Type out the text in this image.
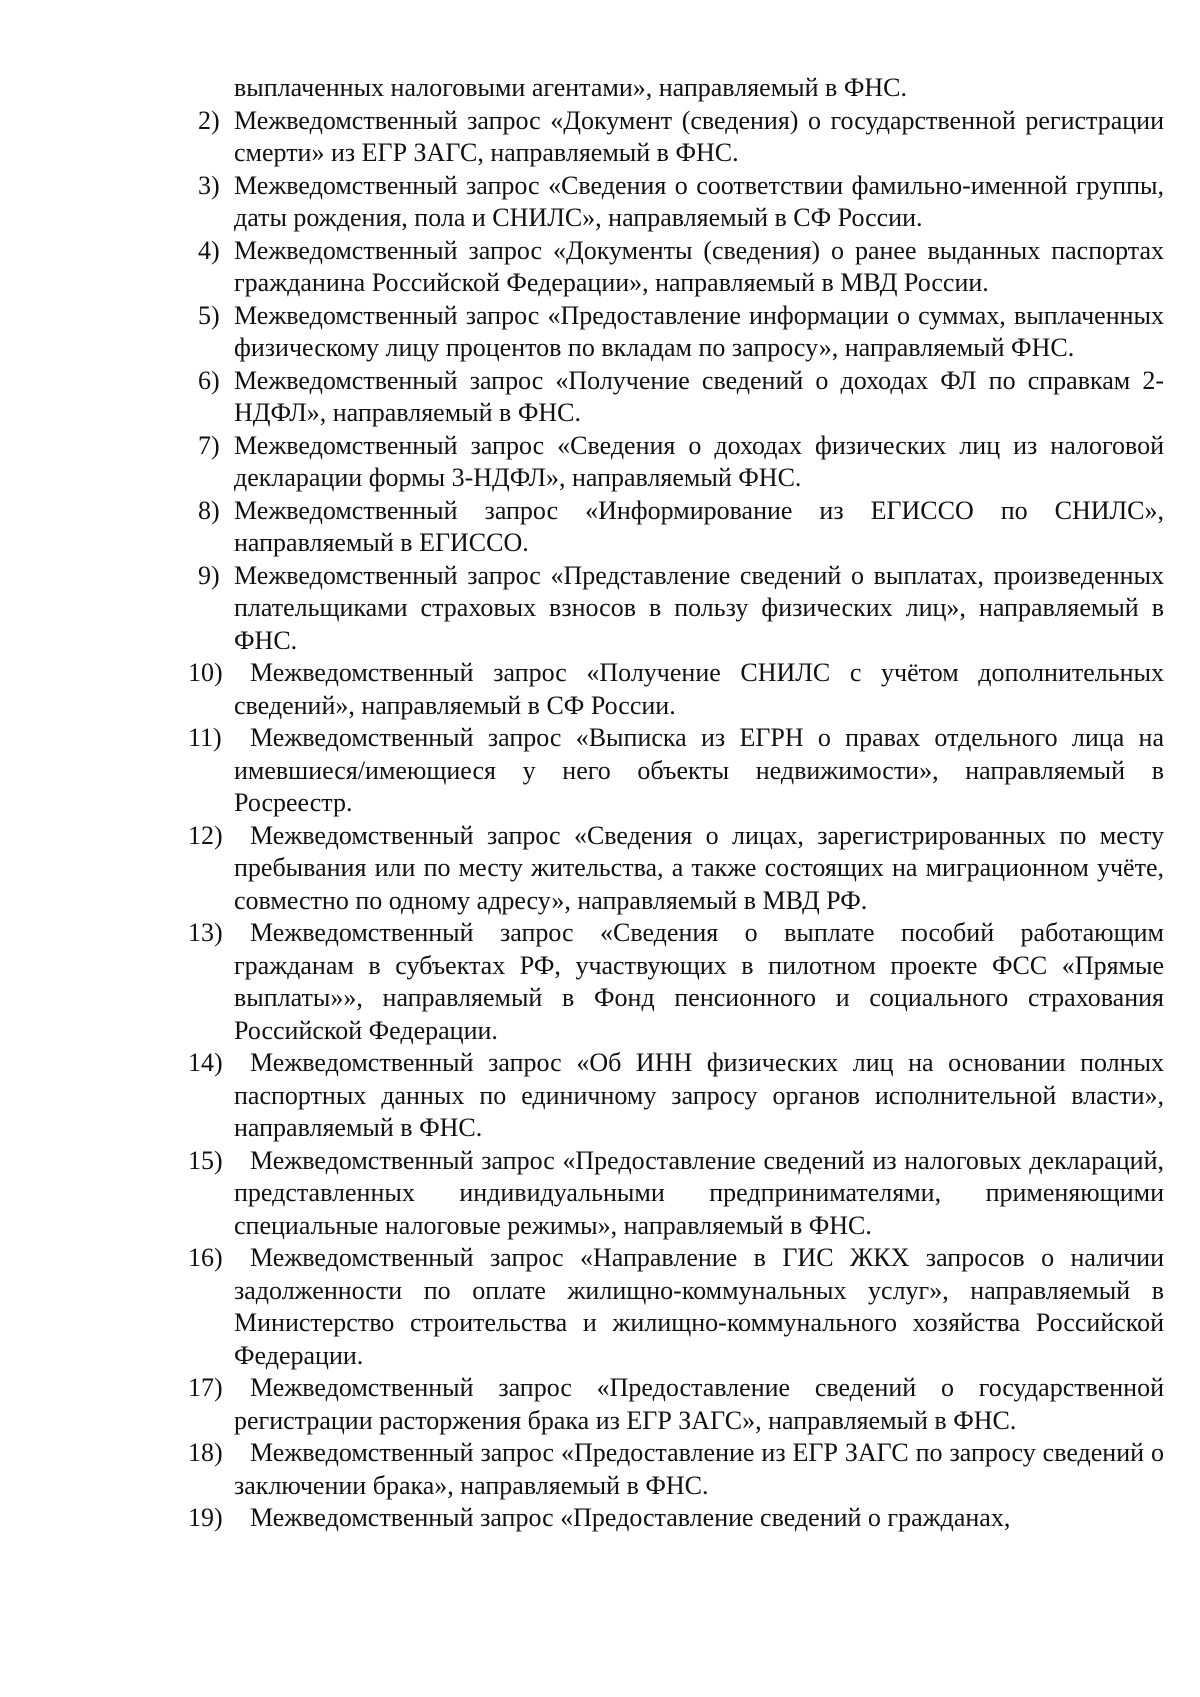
выплаченных налоговыми агентами», направляемый в ФНС.
2) Межведомственный запрос «Документ (сведения) о государственной регистрации смерти» из ЕГР ЗАГС, направляемый в ФНС.
3) Межведомственный запрос «Сведения о соответствии фамильно-именной группы, даты рождения, пола и СНИЛС», направляемый в СФ России.
4) Межведомственный запрос «Документы (сведения) о ранее выданных паспортах гражданина Российской Федерации», направляемый в МВД России.
5) Межведомственный запрос «Предоставление информации о суммах, выплаченных физическому лицу процентов по вкладам по запросу», направляемый ФНС.
6) Межведомственный запрос «Получение сведений о доходах ФЛ по справкам 2-НДФЛ», направляемый в ФНС.
7) Межведомственный запрос «Сведения о доходах физических лиц из налоговой декларации формы 3-НДФЛ», направляемый ФНС.
8) Межведомственный запрос «Информирование из ЕГИССО по СНИЛС», направляемый в ЕГИССО.
9) Межведомственный запрос «Представление сведений о выплатах, произведенных плательщиками страховых взносов в пользу физических лиц», направляемый в ФНС.
10)	Межведомственный запрос «Получение СНИЛС с учётом дополнительных сведений», направляемый в СФ России.
11)	Межведомственный запрос «Выписка из ЕГРН о правах отдельного лица на имевшиеся/имеющиеся у него объекты недвижимости», направляемый в Росреестр.
12)	Межведомственный запрос «Сведения о лицах, зарегистрированных по месту пребывания или по месту жительства, а также состоящих на миграционном учёте, совместно по одному адресу», направляемый в МВД РФ.
13)	Межведомственный запрос «Сведения о выплате пособий работающим гражданам в субъектах РФ, участвующих в пилотном проекте ФСС «Прямые выплаты»», направляемый в Фонд пенсионного и социального страхования Российской Федерации.
14)	Межведомственный запрос «Об ИНН физических лиц на основании полных паспортных данных по единичному запросу органов исполнительной власти», направляемый в ФНС.
15)	Межведомственный запрос «Предоставление сведений из налоговых деклараций, представленных индивидуальными предпринимателями, применяющими специальные налоговые режимы», направляемый в ФНС.
16)	Межведомственный запрос «Направление в ГИС ЖКХ запросов о наличии задолженности по оплате жилищно-коммунальных услуг», направляемый в Министерство строительства и жилищно-коммунального хозяйства Российской Федерации.
17)	Межведомственный запрос «Предоставление сведений о государственной регистрации расторжения брака из ЕГР ЗАГС», направляемый в ФНС.
18)	Межведомственный запрос «Предоставление из ЕГР ЗАГС по запросу сведений о заключении брака», направляемый в ФНС.
19)	Межведомственный запрос «Предоставление сведений о гражданах,
